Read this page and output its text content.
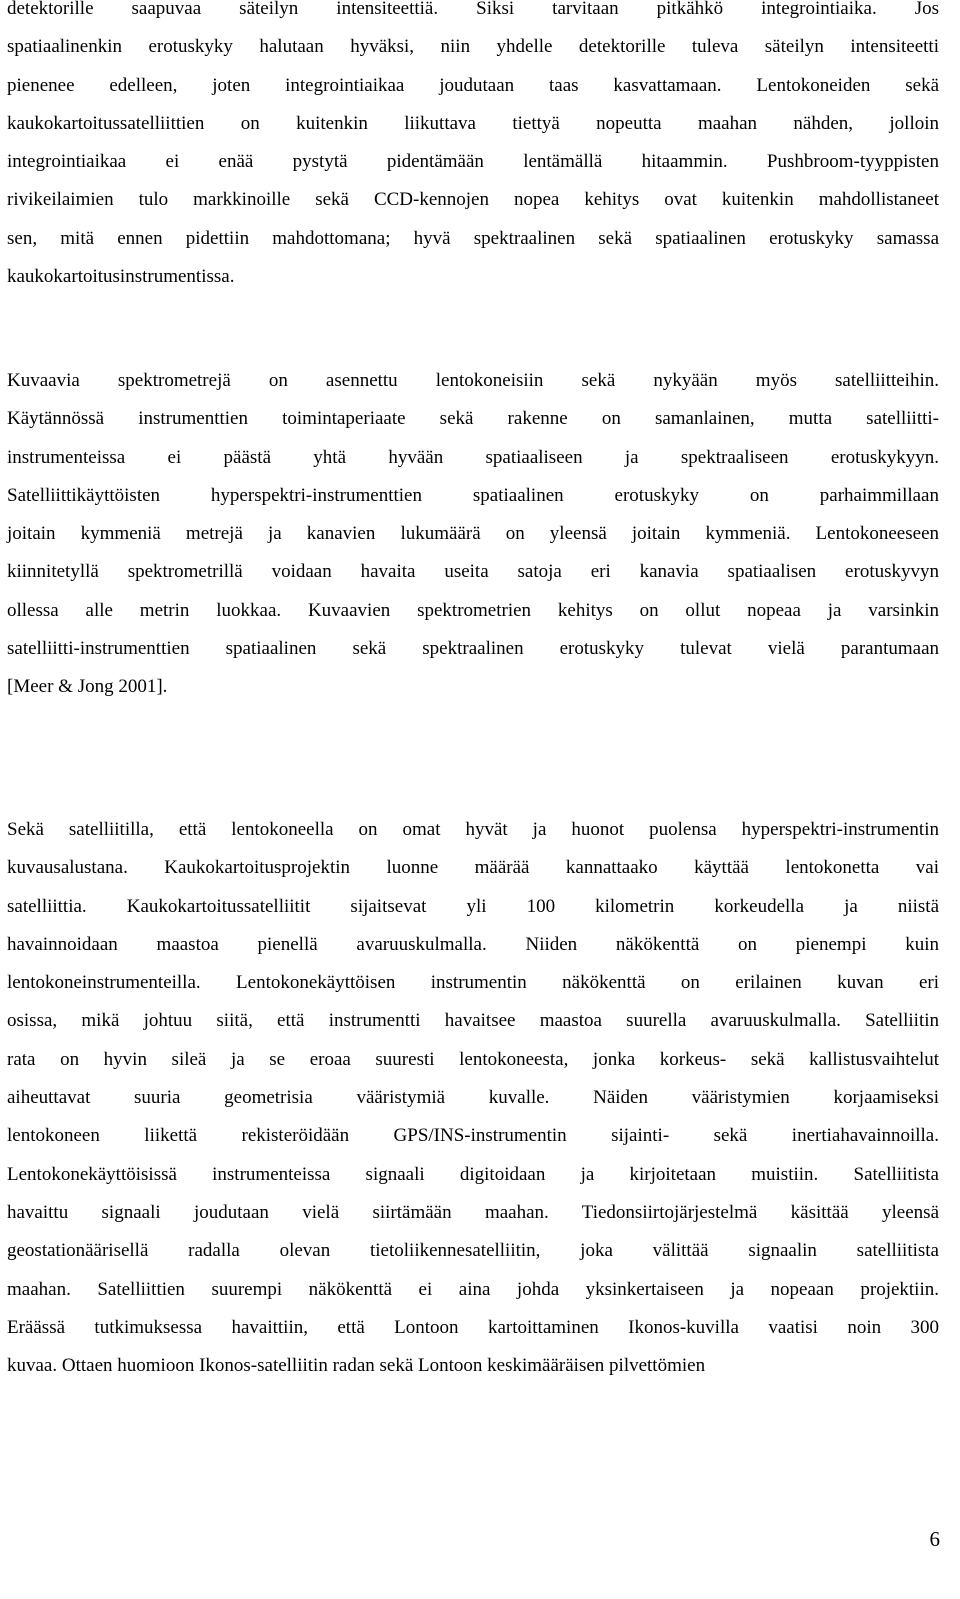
detektorille saapuvaa säteilyn intensiteettiä. Siksi tarvitaan pitkähkö integrointiaika. Jos
spatiaalinenkin erotuskyky halutaan hyväksi, niin yhdelle detektorille tuleva säteilyn intensiteetti
pienenee edelleen, joten integrointiaikaa joudutaan taas kasvattamaan. Lentokoneiden sekä
kaukokartoitussatelliittien on kuitenkin liikuttava tiettyä nopeutta maahan nähden, jolloin
integrointiaikaa ei enää pystytä pidentämään lentämällä hitaammin. Pushbroom-tyyppisten
rivikeilaimien tulo markkinoille sekä CCD-kennojen nopea kehitys ovat kuitenkin mahdollistaneet
sen, mitä ennen pidettiin mahdottomana; hyvä spektraalinen sekä spatiaalinen erotuskyky samassa
kaukokartoitusinstrumentissa.

Kuvaavia spektrometrejä on asennettu lentokoneisiin sekä nykyään myös satelliitteihin.
Käytännössä instrumenttien toimintaperiaate sekä rakenne on samanlainen, mutta satelliitti-
instrumenteissa ei päästä yhtä hyvään spatiaaliseen ja spektraaliseen erotuskykyyn.
Satelliittikäyttöisten hyperspektri-instrumenttien spatiaalinen erotuskyky on parhaimmillaan
joitain kymmeniä metrejä ja kanavien lukumäärä on yleensä joitain kymmeniä. Lentokoneeseen
kiinnitetyllä spektrometrillä voidaan havaita useita satoja eri kanavia spatiaalisen erotuskyvyn
ollessa alle metrin luokkaa. Kuvaavien spektrometrien kehitys on ollut nopeaa ja varsinkin
satelliitti-instrumenttien spatiaalinen sekä spektraalinen erotuskyky tulevat vielä parantumaan
[Meer & Jong 2001].

Sekä satelliitilla, että lentokoneella on omat hyvät ja huonot puolensa hyperspektri-instrumentin
kuvausalustana. Kaukokartoitusprojektin luonne määrää kannattaako käyttää lentokonetta vai
satelliittia. Kaukokartoitussatelliitit sijaitsevat yli 100 kilometrin korkeudella ja niistä
havainnoidaan maastoa pienellä avaruuskulmalla. Niiden näkökenttä on pienempi kuin
lentokoneinstrumenteilla. Lentokonekäyttöisen instrumentin näkökenttä on erilainen kuvan eri
osissa, mikä johtuu siitä, että instrumentti havaitsee maastoa suurella avaruuskulmalla. Satelliitin
rata on hyvin sileä ja se eroaa suuresti lentokoneesta, jonka korkeus- sekä kallistusvaihtelut
aiheuttavat suuria geometrisia vääristymiä kuvalle. Näiden vääristymien korjaamiseksi
lentokoneen liikettä rekisteröidään GPS/INS-instrumentin sijainti- sekä inertiahavainnoilla.
Lentokonekäyttöisissä instrumenteissa signaali digitoidaan ja kirjoitetaan muistiin. Satelliitista
havaittu signaali joudutaan vielä siirtämään maahan. Tiedonsiirtojärjestelmä käsittää yleensä
geostationäärisellä radalla olevan tietoliikennesatelliitin, joka välittää signaalin satelliitista
maahan. Satelliittien suurempi näkökenttä ei aina johda yksinkertaiseen ja nopeaan projektiin.
Eräässä tutkimuksessa havaittiin, että Lontoon kartoittaminen Ikonos-kuvilla vaatisi noin 300
kuvaa. Ottaen huomioon Ikonos-satelliitin radan sekä Lontoon keskimääräisen pilvettömien

6
